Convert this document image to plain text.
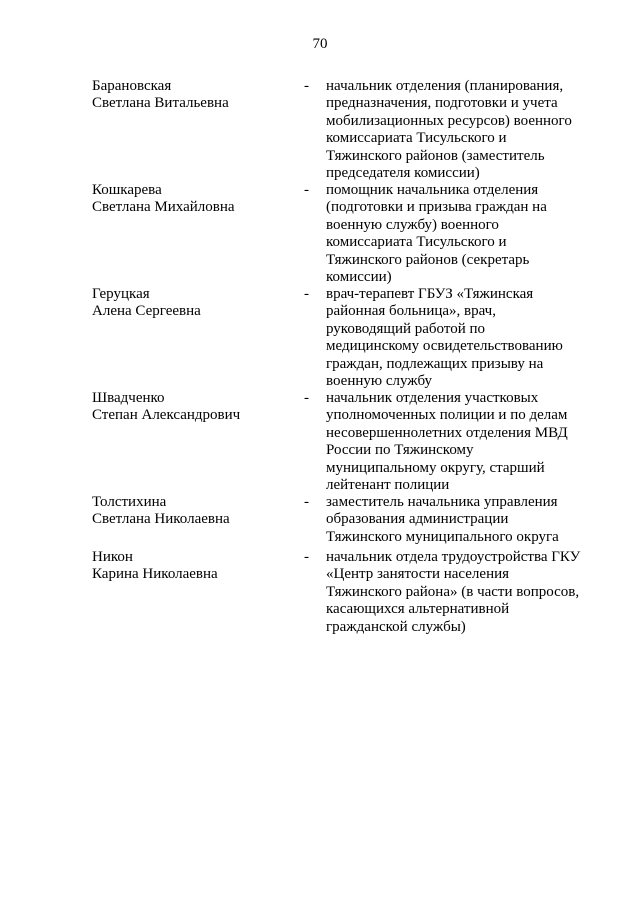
70
Барановская
Светлана Витальевна
- начальник отделения (планирования,
предназначения, подготовки и учета
мобилизационных ресурсов) военного
комиссариата Тисульского и
Тяжинского районов (заместитель
председателя комиссии)
Кошкарева
Светлана Михайловна
- помощник начальника отделения
(подготовки и призыва граждан на
военную службу) военного
комиссариата Тисульского и
Тяжинского районов (секретарь
комиссии)
Геруцкая
Алена Сергеевна
- врач-терапевт ГБУЗ «Тяжинская
районная больница», врач,
руководящий работой по
медицинскому освидетельствованию
граждан, подлежащих призыву на
военную службу
Швадченко
Степан Александрович
- начальник отделения участковых
уполномоченных полиции и по делам
несовершеннолетних отделения МВД
России по Тяжинскому
муниципальному округу, старший
лейтенант полиции
Толстихина
Светлана Николаевна
- заместитель начальника управления
образования администрации
Тяжинского муниципального округа
Никон
Карина Николаевна
- начальник отдела трудоустройства ГКУ
«Центр занятости населения
Тяжинского района» (в части вопросов,
касающихся альтернативной
гражданской службы)
